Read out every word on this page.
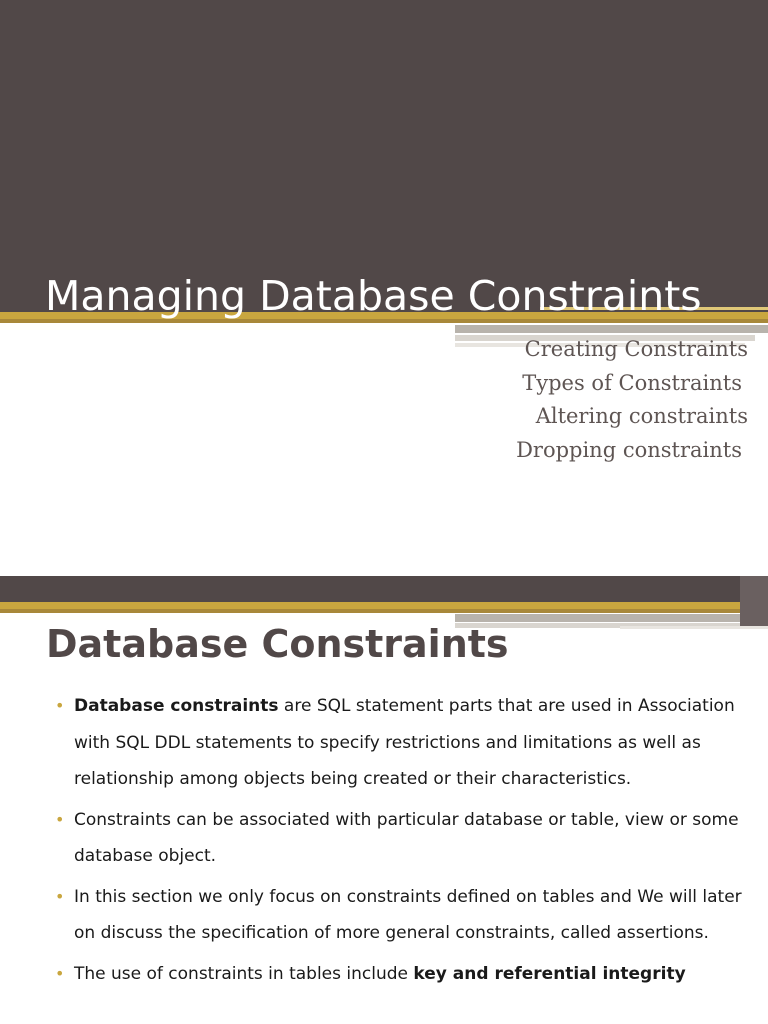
Managing Database Constraints
Creating Constraints
Types of Constraints
Altering constraints
Dropping constraints
Database Constraints
• Database constraints are SQL statement parts that are used in Association with SQL DDL statements to specify restrictions and limitations as well as relationship among objects being created or their characteristics.
• Constraints can be associated with particular database or table, view or some database object.
• In this section we only focus on constraints defined on tables and We will later on discuss the specification of more general constraints, called assertions.
• The use of constraints in tables include key and referential integrity
